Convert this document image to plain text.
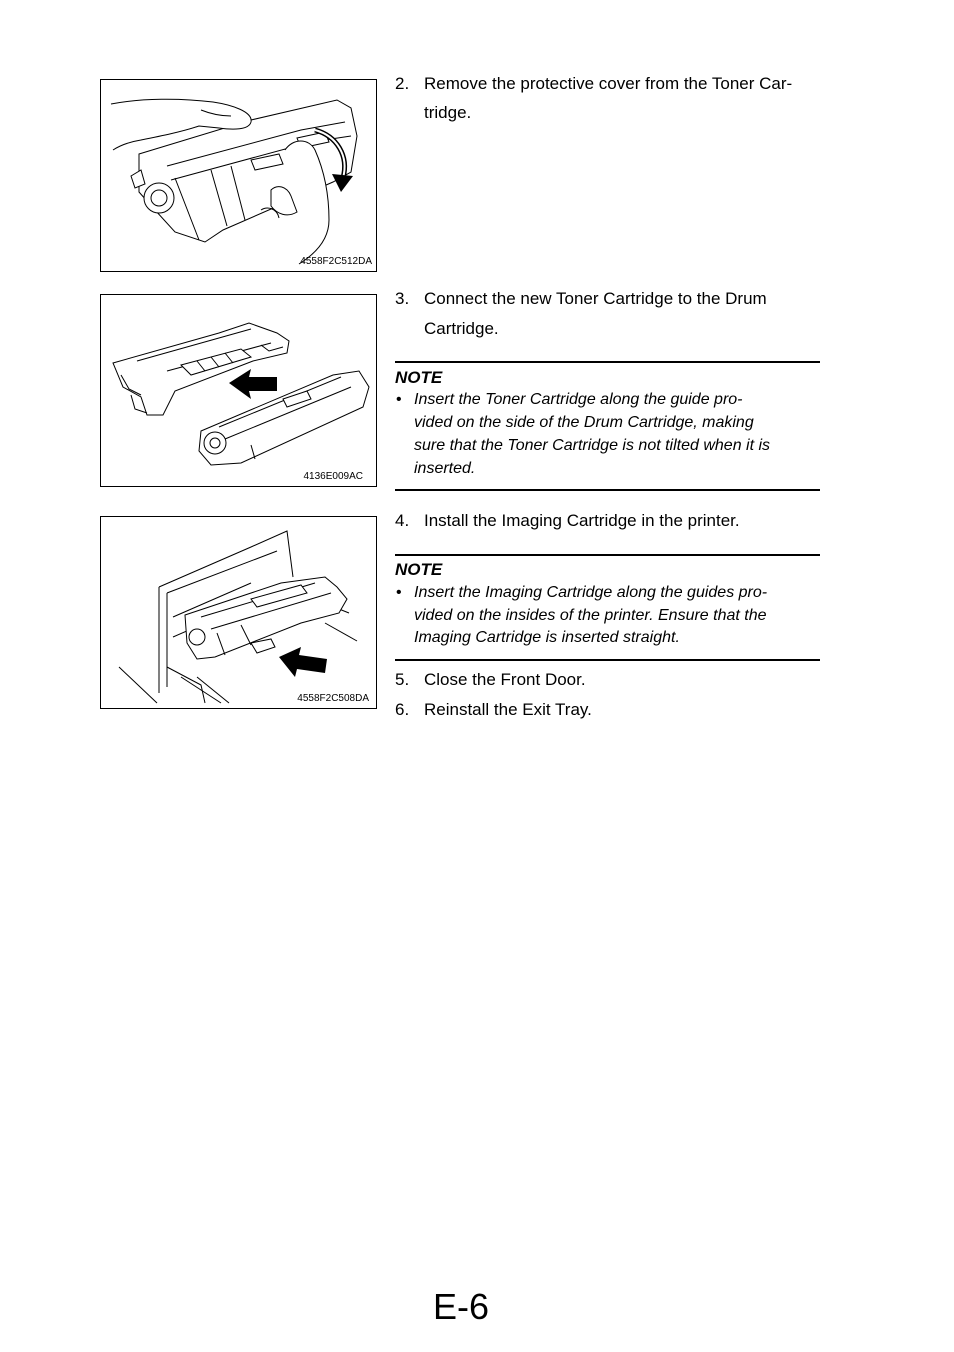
4558F2C512DA
4136E009AC
4558F2C508DA
2. Remove the protective cover from the Toner Car-
tridge.
3. Connect the new Toner Cartridge to the Drum
Cartridge.
NOTE
• Insert the Toner Cartridge along the guide pro-
vided on the side of the Drum Cartridge, making
sure that the Toner Cartridge is not tilted when it is
inserted.
4. Install the Imaging Cartridge in the printer.
NOTE
• Insert the Imaging Cartridge along the guides pro-
vided on the insides of the printer. Ensure that the
Imaging Cartridge is inserted straight.
5. Close the Front Door.
6. Reinstall the Exit Tray.
E-6
